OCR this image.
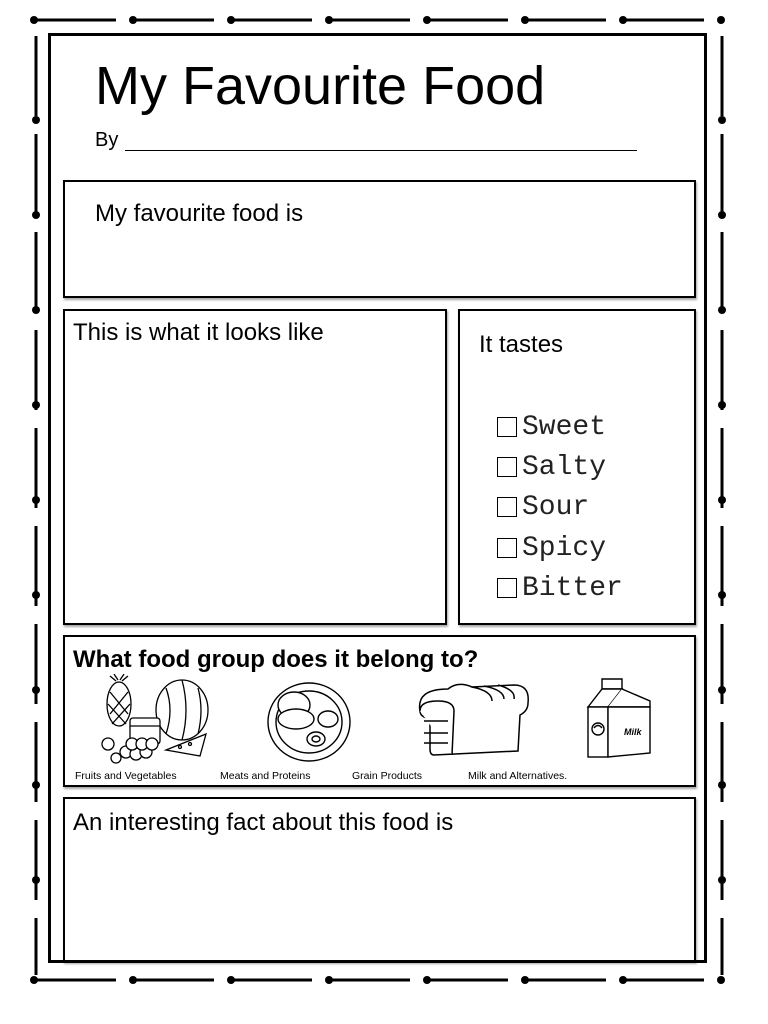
My Favourite Food
By
My favourite food is
This is what it looks like	It tastes
Sweet
Salty
Sour
Spicy
Bitter
What food group does it belong to?
Fruits and Vegetables	Meats and Proteins	Grain Products
Milk
Milk and Alternatives.
An interesting fact about this food is
